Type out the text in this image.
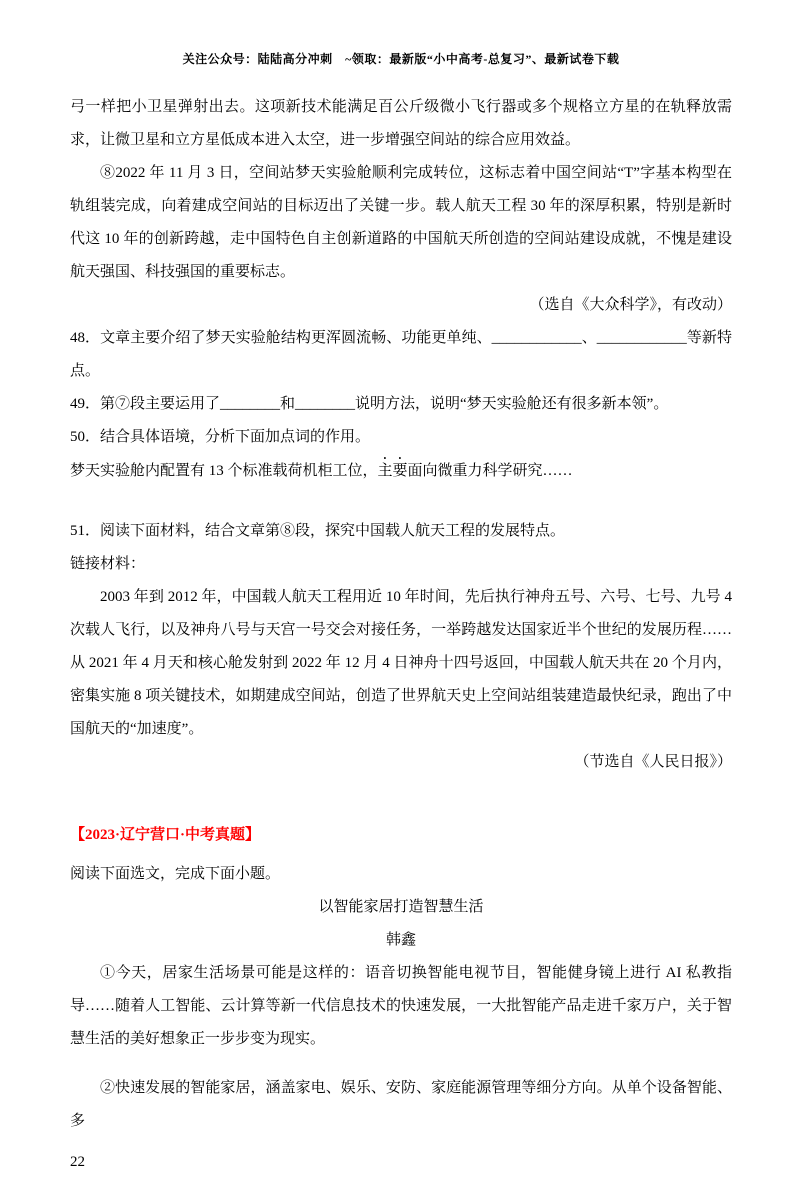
关注公众号：陆陆高分冲刺　~领取：最新版“小中高考-总复习”、最新试卷下载

弓一样把小卫星弹射出去。这项新技术能满足百公斤级微小飞行器或多个规格立方星的在轨释放需求，让微卫星和立方星低成本进入太空，进一步增强空间站的综合应用效益。

⑧2022 年 11 月 3 日，空间站梦天实验舱顺利完成转位，这标志着中国空间站“T”字基本构型在轨组装完成，向着建成空间站的目标迈出了关键一步。载人航天工程 30 年的深厚积累，特别是新时代这 10 年的创新跨越，走中国特色自主创新道路的中国航天所创造的空间站建设成就，不愧是建设航天强国、科技强国的重要标志。

（选自《大众科学》，有改动）

48．文章主要介绍了梦天实验舱结构更浑圆流畅、功能更单纯、____________、____________等新特点。

49．第⑦段主要运用了________和________说明方法，说明“梦天实验舱还有很多新本领”。

50．结合具体语境，分析下面加点词的作用。

梦天实验舱内配置有 13 个标准载荷机柜工位，主要面向微重力科学研究……

51．阅读下面材料，结合文章第⑧段，探究中国载人航天工程的发展特点。

链接材料：

2003 年到 2012 年，中国载人航天工程用近 10 年时间，先后执行神舟五号、六号、七号、九号 4 次载人飞行，以及神舟八号与天宫一号交会对接任务，一举跨越发达国家近半个世纪的发展历程……从 2021 年 4 月天和核心舱发射到 2022 年 12 月 4 日神舟十四号返回，中国载人航天共在 20 个月内，密集实施 8 项关键技术，如期建成空间站，创造了世界航天史上空间站组装建造最快纪录，跑出了中国航天的“加速度”。

（节选自《人民日报》）

【2023·辽宁营口·中考真题】

阅读下面选文，完成下面小题。

以智能家居打造智慧生活

韩鑫

①今天，居家生活场景可能是这样的：语音切换智能电视节目，智能健身镜上进行 AI 私教指导……随着人工智能、云计算等新一代信息技术的快速发展，一大批智能产品走进千家万户，关于智慧生活的美好想象正一步步变为现实。

②快速发展的智能家居，涵盖家电、娱乐、安防、家庭能源管理等细分方向。从单个设备智能、多

22
